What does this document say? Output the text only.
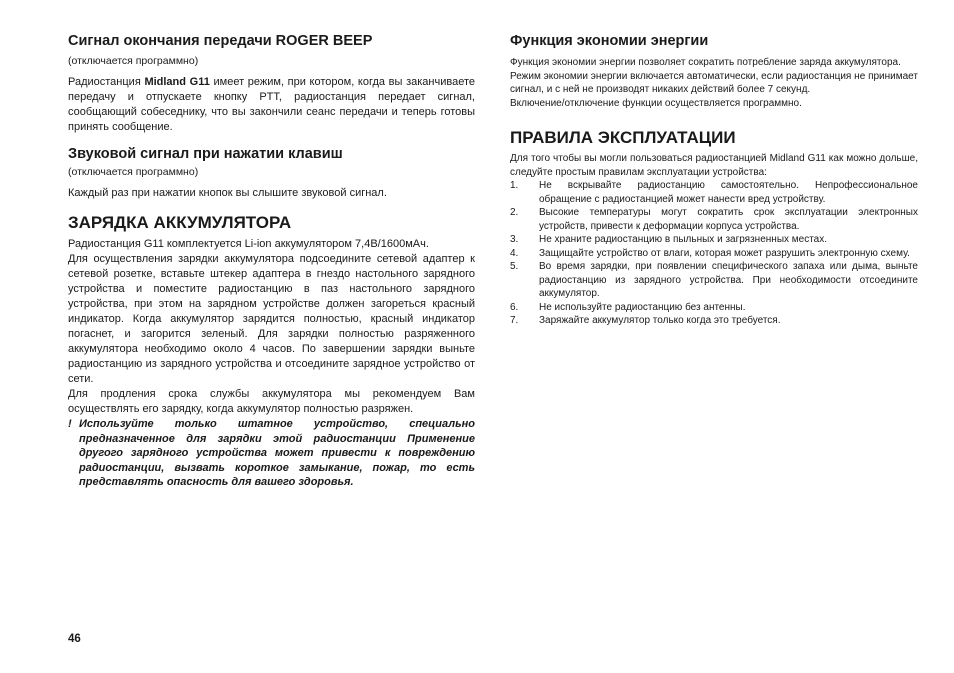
Сигнал окончания передачи ROGER BEEP

(отключается программно)

Радиостанция Midland G11 имеет режим, при котором, когда вы заканчиваете передачу и отпускаете кнопку PTT, радиостанция передает сигнал, сообщающий собеседнику, что вы закончили сеанс передачи и теперь готовы принять сообщение.

Звуковой сигнал при нажатии клавиш

(отключается программно)

Каждый раз при нажатии кнопок вы слышите звуковой сигнал.

ЗАРЯДКА АККУМУЛЯТОРА

Радиостанция G11 комплектуется Li-ion аккумулятором 7,4В/1600мАч.

Для осуществления зарядки аккумулятора подсоедините сетевой адаптер к сетевой розетке, вставьте штекер адаптера в гнездо настольного зарядного устройства и поместите радиостанцию в паз настольного зарядного устройства, при этом на зарядном устройстве должен загореться красный индикатор. Когда аккумулятор зарядится полностью, красный индикатор погаснет, и загорится зеленый. Для зарядки полностью разряженного аккумулятора необходимо около 4 часов. По завершении зарядки выньте радиостанцию из зарядного устройства и отсоедините зарядное устройство от сети.

Для продления срока службы аккумулятора мы рекомендуем Вам осуществлять его зарядку, когда аккумулятор полностью разряжен.

! Используйте только штатное устройство, специально предназначенное для зарядки этой радиостанции Применение другого зарядного устройства может привести к повреждению радиостанции, вызвать короткое замыкание, пожар, то есть представлять опасность для вашего здоровья.
Функция экономии энергии

Функция экономии энергии позволяет сократить потребление заряда аккумулятора.

Режим экономии энергии включается автоматически, если радиостанция не принимает сигнал, и с ней не производят никаких действий более 7 секунд.

Включение/отключение функции осуществляется программно.

ПРАВИЛА ЭКСПЛУАТАЦИИ

Для того чтобы вы могли пользоваться радиостанцией Midland G11 как можно дольше, следуйте простым правилам эксплуатации устройства:

1.	Не вскрывайте радиостанцию самостоятельно. Непрофессиональное обращение с радиостанцией может нанести вред устройству.
2.	Высокие температуры могут сократить срок эксплуатации электронных устройств, привести к деформации корпуса устройства.
3.	Не храните радиостанцию в пыльных и загрязненных местах.
4.	Защищайте устройство от влаги, которая может разрушить электронную схему.
5.	Во время зарядки, при появлении специфического запаха или дыма, выньте радиостанцию из зарядного устройства. При необходимости отсоедините аккумулятор.
6.	Не используйте радиостанцию без антенны.
7.	Заряжайте аккумулятор только когда это требуется.
46
